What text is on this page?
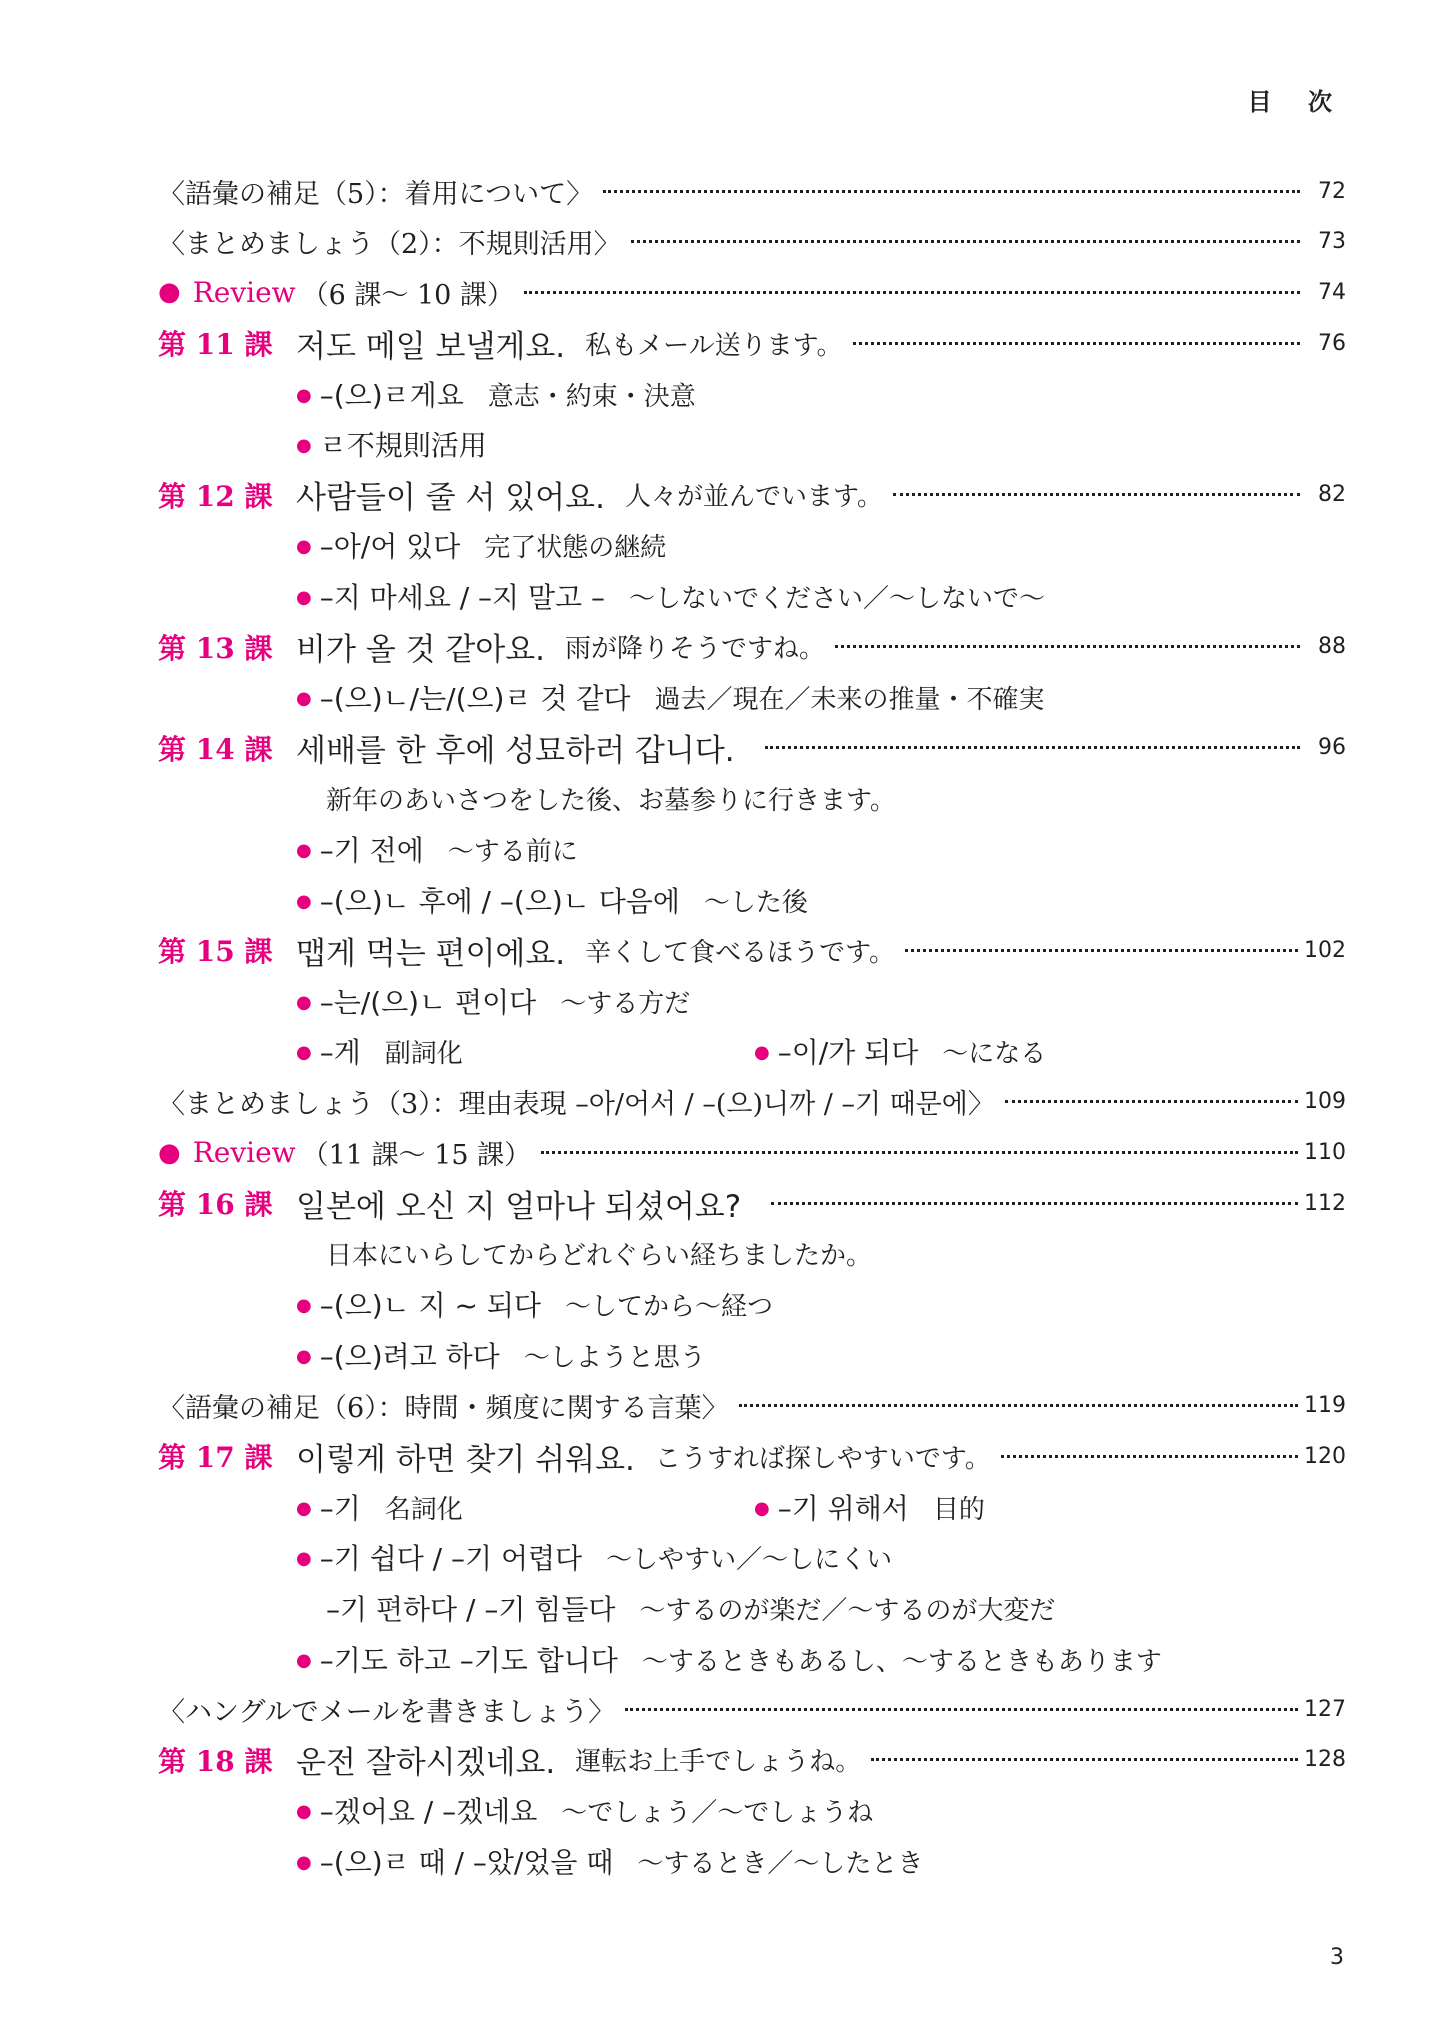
目 次
〈語彙の補足（5）：着用について〉	72
〈まとめましょう（2）：不規則活用〉	73
● Review （6 課～ 10 課）	74
第 11 課 저도 메일 보낼게요. 私もメール送ります。	76
● –(으)ㄹ게요 意志・約束・決意
● ㄹ不規則活用
第 12 課 사람들이 줄 서 있어요. 人々が並んでいます。	82
● –아/어 있다 完了状態の継続
● –지 마세요 / –지 말고 – ～しないでください／～しないで～
第 13 課 비가 올 것 같아요. 雨が降りそうですね。	88
● –(으)ㄴ/는/(으)ㄹ 것 같다 過去／現在／未来の推量・不確実
第 14 課 세배를 한 후에 성묘하러 갑니다.	96
新年のあいさつをした後、お墓参りに行きます。
● –기 전에 ～する前に
● –(으)ㄴ 후에 / –(으)ㄴ 다음에 ～した後
第 15 課 맵게 먹는 편이에요. 辛くして食べるほうです。	102
● –는/(으)ㄴ 편이다 ～する方だ
● –게 副詞化	● –이/가 되다 ～になる
〈まとめましょう（3）：理由表現 –아/어서 / –(으)니까 / –기 때문에〉	109
● Review （11 課～ 15 課）	110
第 16 課 일본에 오신 지 얼마나 되셨어요?	112
日本にいらしてからどれぐらい経ちましたか。
● –(으)ㄴ 지 ~ 되다 ～してから～経つ
● –(으)려고 하다 ～しようと思う
〈語彙の補足（6）：時間・頻度に関する言葉〉	119
第 17 課 이렇게 하면 찾기 쉬워요. こうすれば探しやすいです。	120
● –기 名詞化	● –기 위해서 目的
● –기 쉽다 / –기 어렵다 ～しやすい／～しにくい
–기 편하다 / –기 힘들다 ～するのが楽だ／～するのが大変だ
● –기도 하고 –기도 합니다 ～するときもあるし、～するときもあります
〈ハングルでメールを書きましょう〉	127
第 18 課 운전 잘하시겠네요. 運転お上手でしょうね。	128
● –겠어요 / –겠네요 ～でしょう／～でしょうね
● –(으)ㄹ 때 / –았/었을 때 ～するとき／～したとき
3
